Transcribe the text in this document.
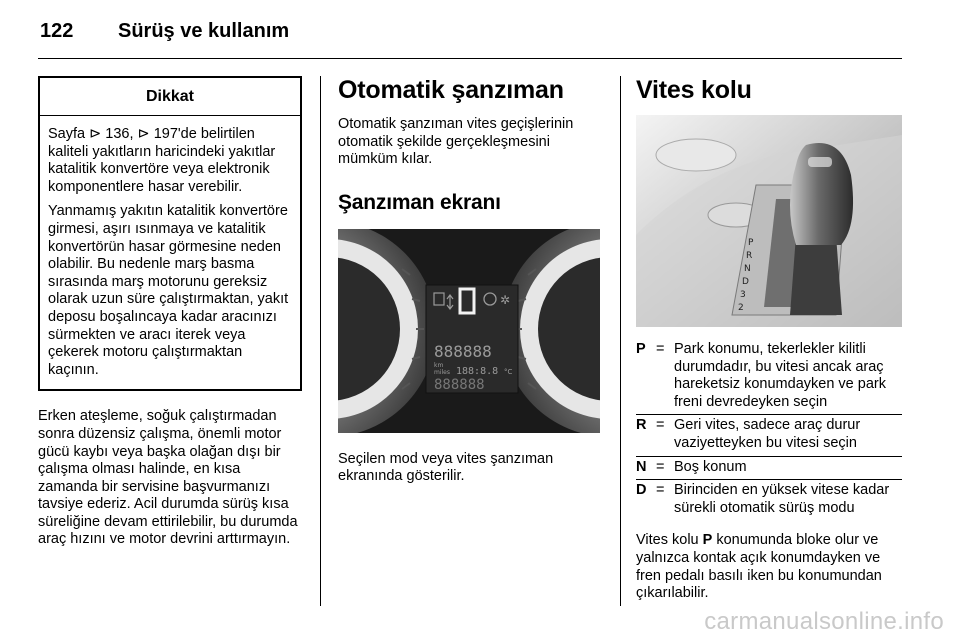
122 Sürüş ve kullanım
Dikkat

Sayfa ⊳ 136, ⊳ 197'de belirtilen kaliteli yakıtların haricindeki yakıtlar katalitik konvertöre veya elektronik komponentlere hasar verebilir.

Yanmamış yakıtın katalitik konvertöre girmesi, aşırı ısınmaya ve katalitik konvertörün hasar görmesine neden olabilir. Bu nedenle marş basma sırasında marş motorunu gereksiz olarak uzun süre çalıştırmaktan, yakıt deposu boşalıncaya kadar aracınızı sürmekten ve aracı iterek veya çekerek motoru çalıştırmaktan kaçının.

Erken ateşleme, soğuk çalıştırmadan sonra düzensiz çalışma, önemli motor gücü kaybı veya başka olağan dışı bir çalışma olması halinde, en kısa zamanda bir servisine başvurmanızı tavsiye ederiz. Acil durumda sürüş kısa süreliğine devam ettirilebilir, bu durumda araç hızını ve motor devrini arttırmayın.

Otomatik şanzıman

Otomatik şanzıman vites geçişlerinin otomatik şekilde gerçekleşmesini mümküm kılar.

Şanzıman ekranı
✲
888888
km
miles 188:8.8 °C
888888

Seçilen mod veya vites şanzıman ekranında gösterilir.

Vites kolu
P
R
N
D
3
2
P = Park konumu, tekerlekler kilitli durumdadır, bu vitesi ancak araç hareketsiz konumdayken ve park freni devredeyken seçin
R = Geri vites, sadece araç durur vaziyetteyken bu vitesi seçin
N = Boş konum
D = Birinciden en yüksek vitese kadar sürekli otomatik sürüş modu

Vites kolu P konumunda bloke olur ve yalnızca kontak açık konumdayken ve fren pedalı basılı iken bu konumundan çıkarılabilir.

carmanualsonline.info
